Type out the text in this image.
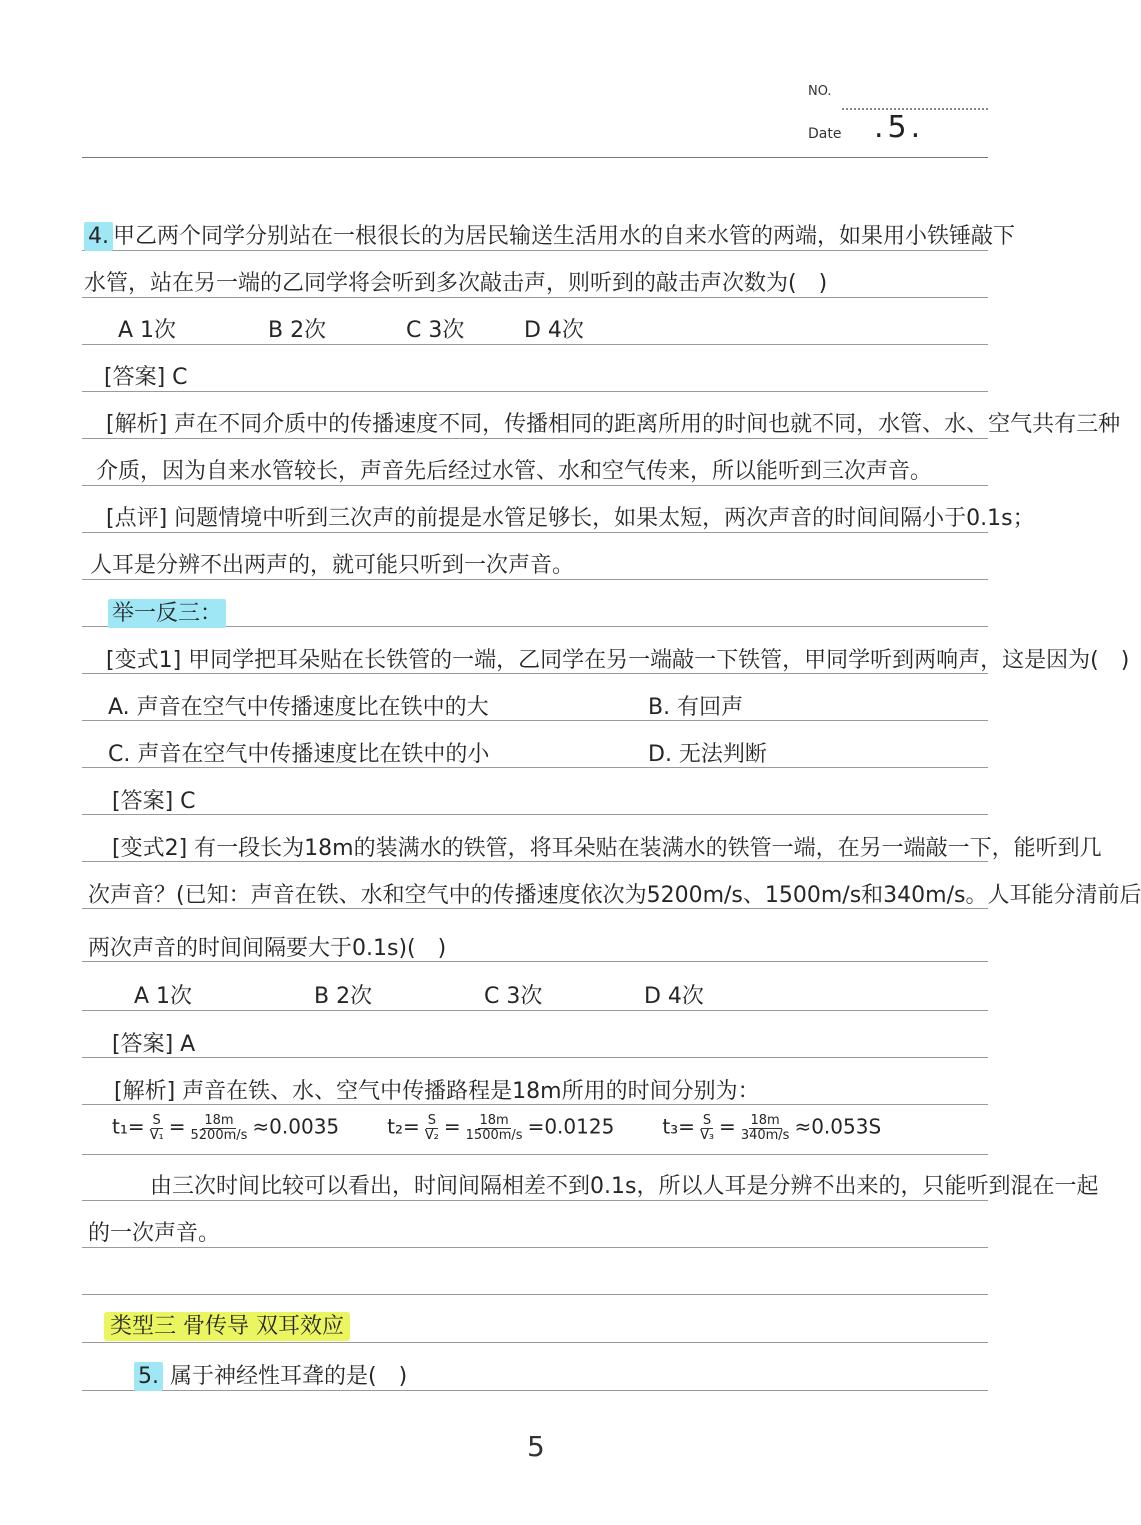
NO.
Date .5.
4. 甲乙两个同学分别站在一根很长的为居民输送生活用水的自来水管的两端，如果用小铁锤敲下
水管，站在另一端的乙同学将会听到多次敲击声，则听到的敲击声次数为(　)
A 1次	B 2次	C 3次	D 4次
[答案] C
[解析] 声在不同介质中的传播速度不同，传播相同的距离所用的时间也就不同，水管、水、空气共有三种
介质，因为自来水管较长，声音先后经过水管、水和空气传来，所以能听到三次声音。
[点评] 问题情境中听到三次声的前提是水管足够长，如果太短，两次声音的时间间隔小于0.1s；
人耳是分辨不出两声的，就可能只听到一次声音。
举一反三：
[变式1] 甲同学把耳朵贴在长铁管的一端，乙同学在另一端敲一下铁管，甲同学听到两响声，这是因为(　)
A. 声音在空气中传播速度比在铁中的大	B. 有回声
C. 声音在空气中传播速度比在铁中的小	D. 无法判断
[答案] C
[变式2] 有一段长为18m的装满水的铁管，将耳朵贴在装满水的铁管一端，在另一端敲一下，能听到几
次声音？(已知：声音在铁、水和空气中的传播速度依次为5200m/s、1500m/s和340m/s。人耳能分清前后
两次声音的时间间隔要大于0.1s)(　)
A 1次	B 2次	C 3次	D 4次
[答案] A
[解析] 声音在铁、水、空气中传播路程是18m所用的时间分别为：
$t_1= \frac{S}{\text{V₁}} = \frac{18m}{5200m/s} \approx 0.0035$ $t_2= \frac{S}{\text{V₂}} = \frac{18m}{1500m/s} =0.0125$ $t_3= \frac{S}{\text{V₃}} = \frac{18m}{340m/s} \approx 0.053S$
由三次时间比较可以看出，时间间隔相差不到0.1s，所以人耳是分辨不出来的，只能听到混在一起
的一次声音。
类型三 骨传导 双耳效应
5. 属于神经性耳聋的是(　)
5
